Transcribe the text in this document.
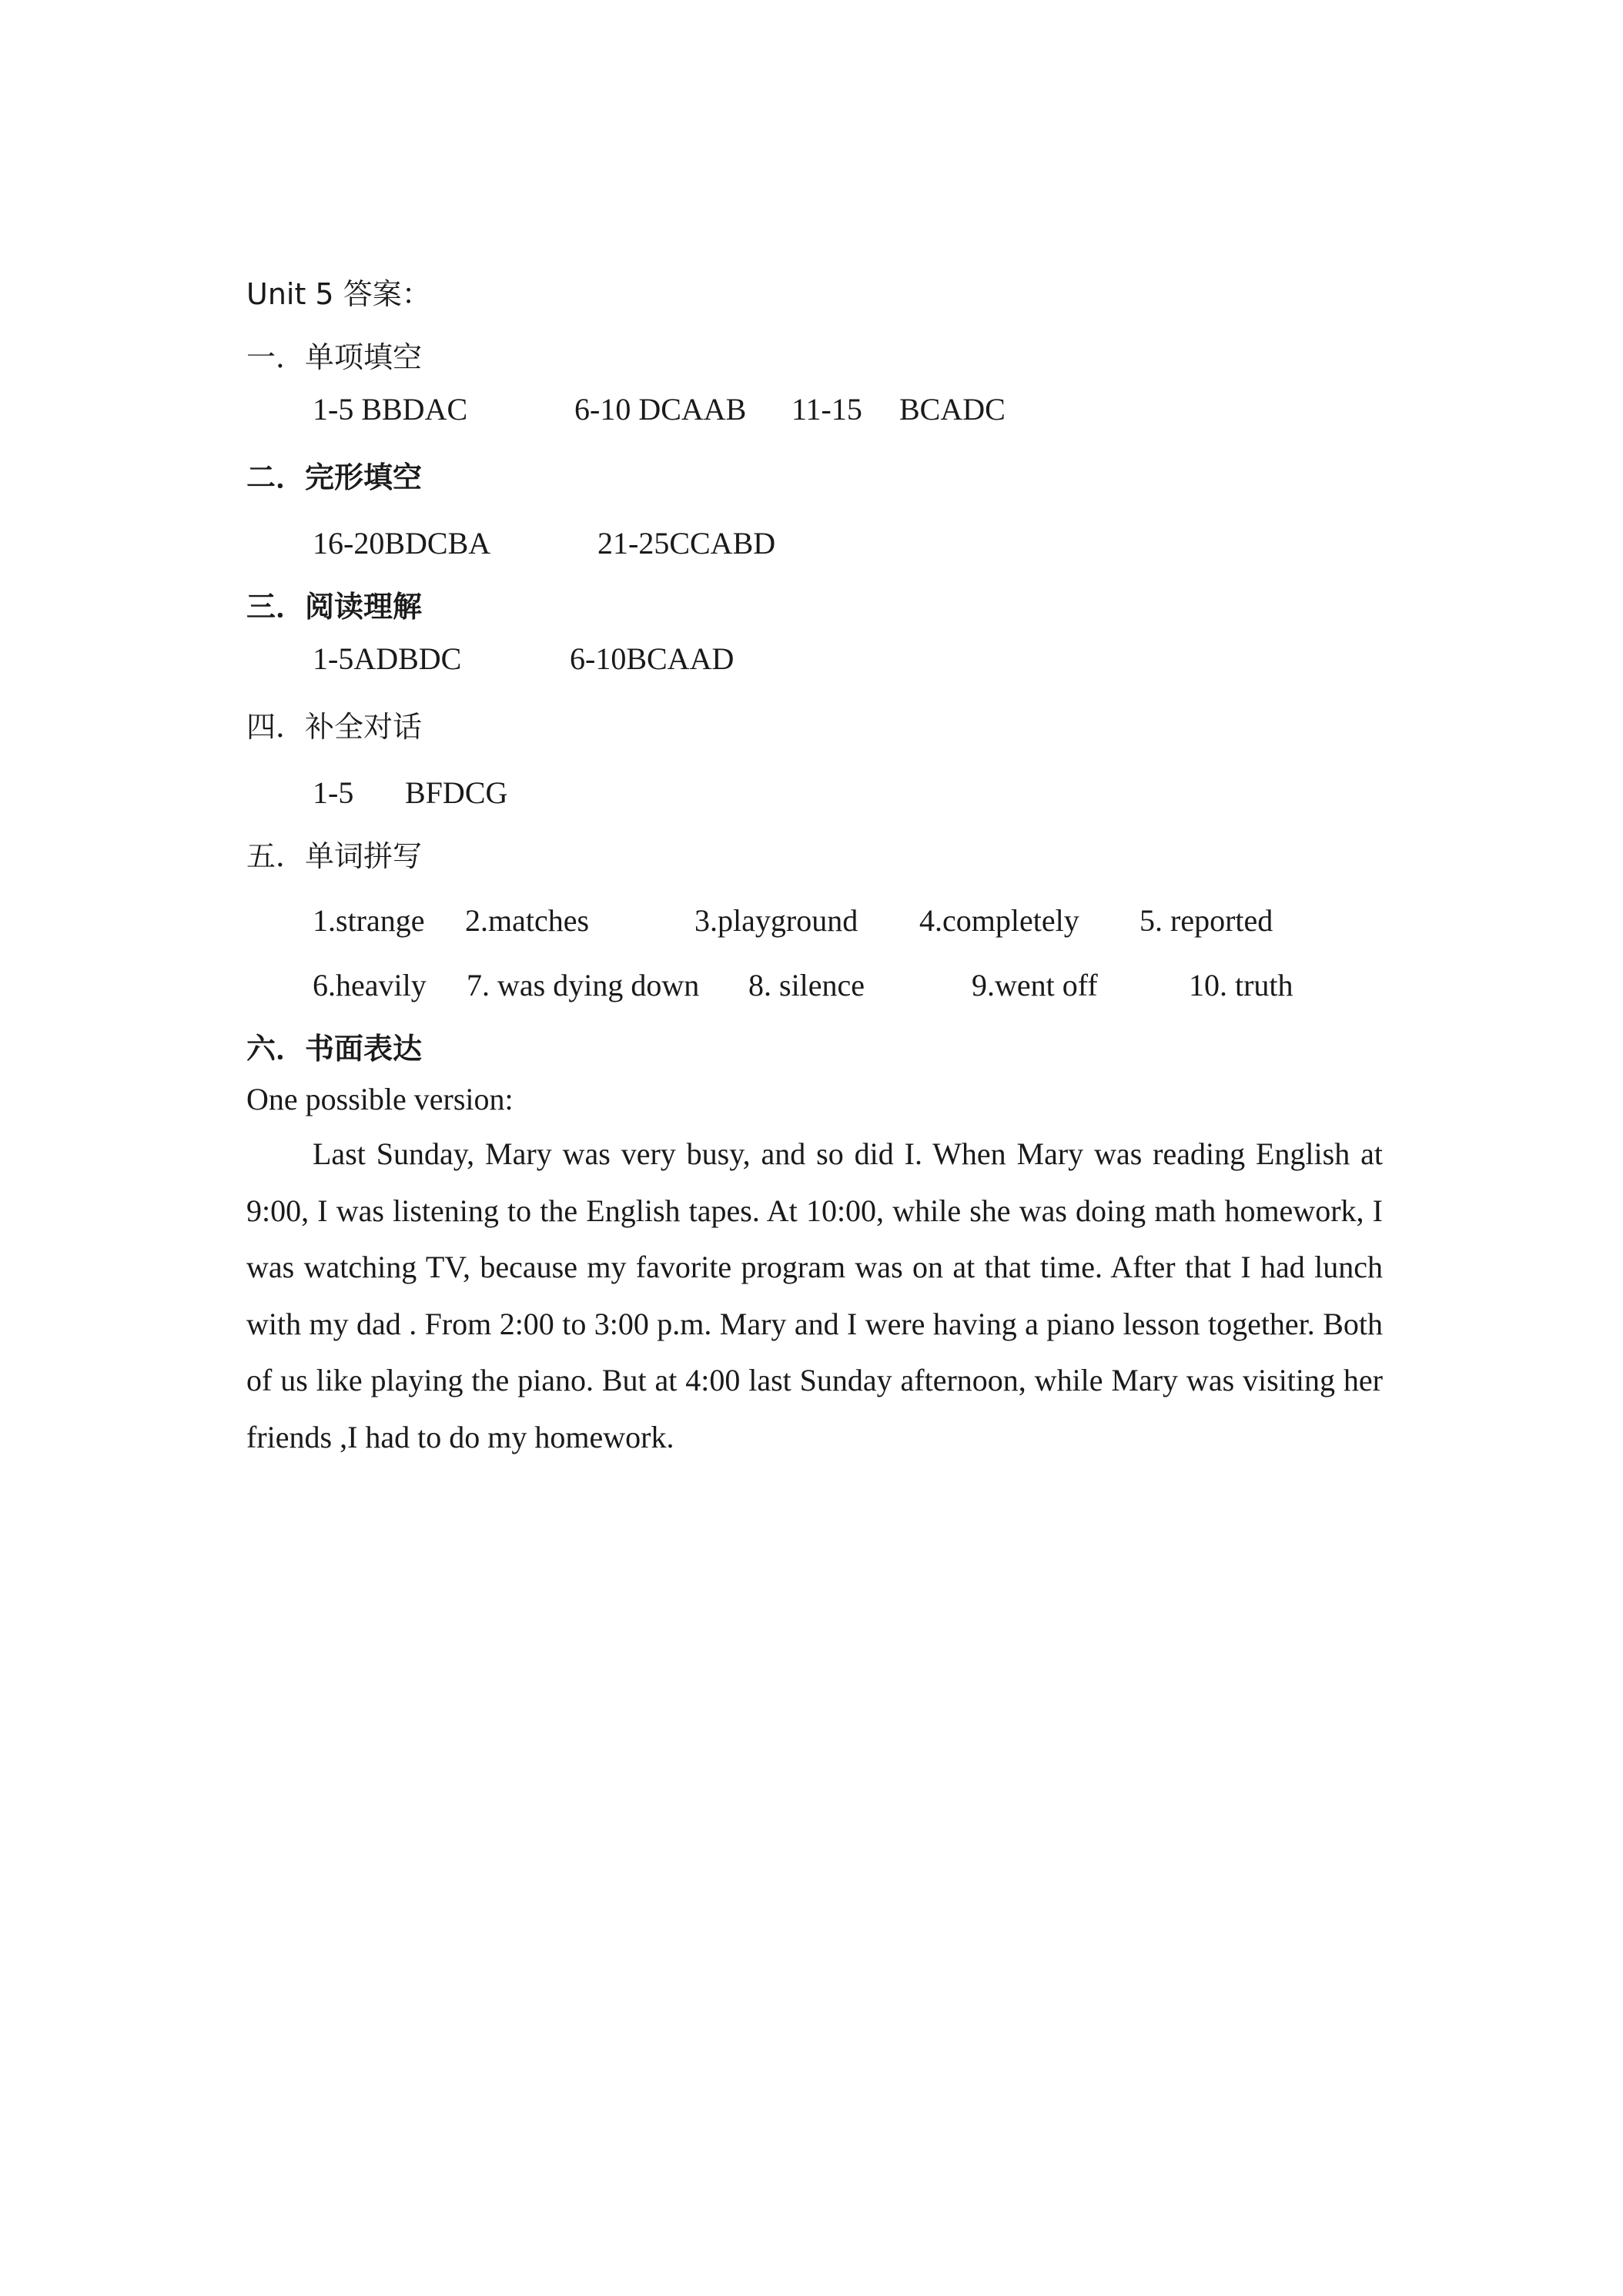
Unit 5 答案：
一．单项填空
1-5 BBDAC	6-10 DCAAB 11-15 BCADC
二．完形填空
16-20BDCBA	21-25CCABD
三．阅读理解
1-5ADBDC	6-10BCAAD
四．补全对话
1-5 BFDCG
五．单词拼写
1.strange 2.matches	3.playground 4.completely 5. reported
6.heavily 7. was dying down 8. silence	9.went off	10. truth
六．书面表达
One possible version:

Last Sunday, Mary was very busy, and so did I. When Mary was reading English at 9:00, I was listening to the English tapes. At 10:00, while she was doing math homework, I was watching TV, because my favorite program was on at that time. After that I had lunch with my dad . From 2:00 to 3:00 p.m. Mary and I were having a piano lesson together. Both of us like playing the piano. But at 4:00 last Sunday afternoon, while Mary was visiting her friends ,I had to do my homework.
